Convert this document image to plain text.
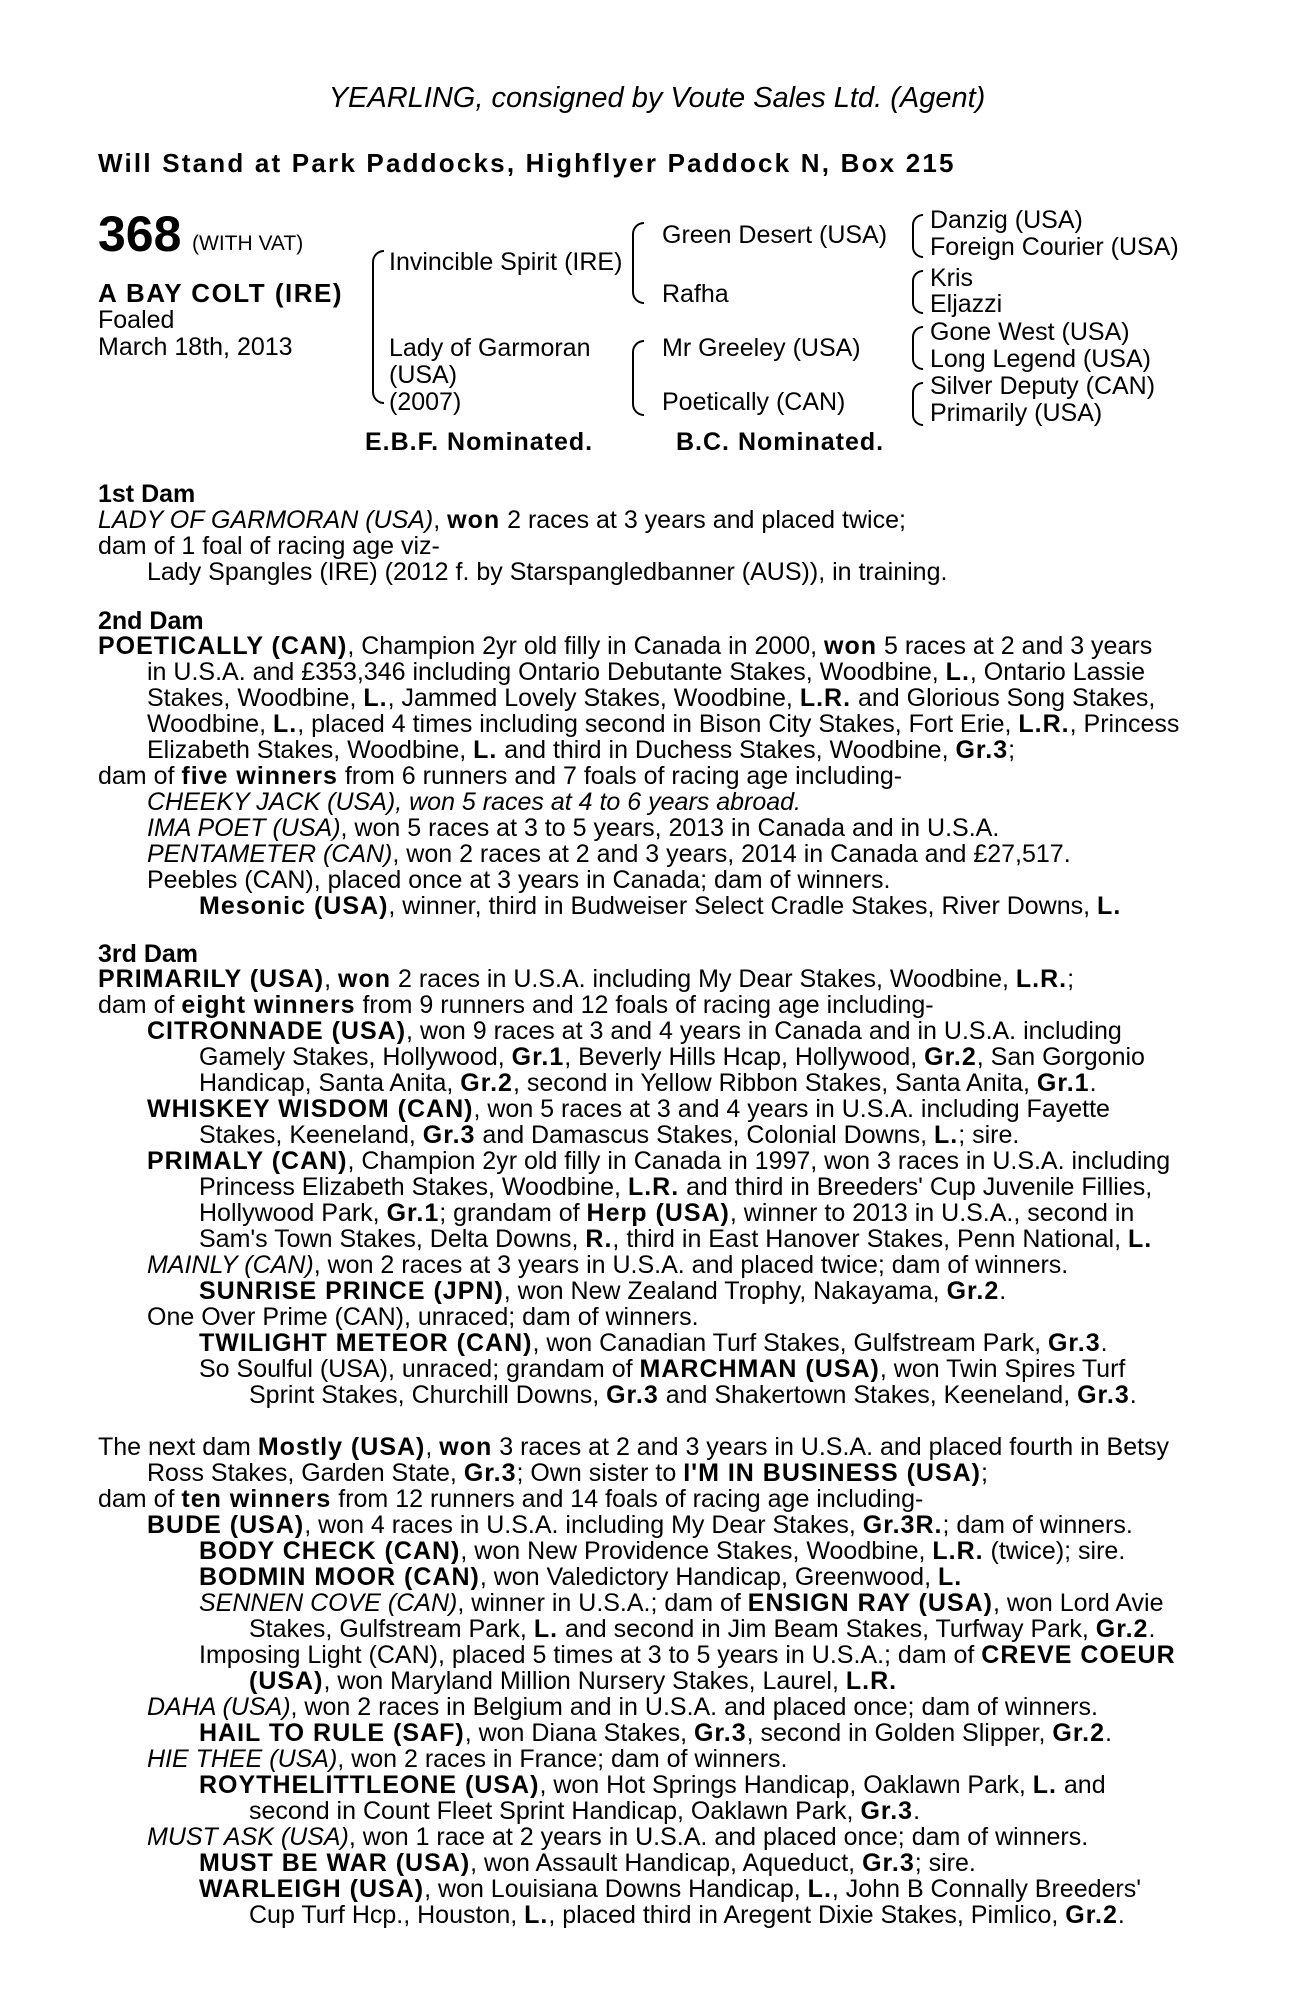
YEARLING, consigned by Voute Sales Ltd. (Agent)
Will Stand at Park Paddocks, Highflyer Paddock N, Box 215
368 (WITH VAT)
A BAY COLT (IRE)
Foaled
March 18th, 2013
Invincible Spirit (IRE)
Lady of Garmoran
(USA)
(2007)
Green Desert (USA)
Rafha
Mr Greeley (USA)
Poetically (CAN)
Danzig (USA)
Foreign Courier (USA)
Kris
Eljazzi
Gone West (USA)
Long Legend (USA)
Silver Deputy (CAN)
Primarily (USA)
E.B.F. Nominated.	B.C. Nominated.
1st Dam
2nd Dam
3rd Dam
LADY OF GARMORAN (USA), won 2 races at 3 years and placed twice;
dam of 1 foal of racing age viz-
Lady Spangles (IRE) (2012 f. by Starspangledbanner (AUS)), in training.
POETICALLY (CAN), Champion 2yr old filly in Canada in 2000, won 5 races at 2 and 3 years
in U.S.A. and £353,346 including Ontario Debutante Stakes, Woodbine, L., Ontario Lassie
Stakes, Woodbine, L., Jammed Lovely Stakes, Woodbine, L.R. and Glorious Song Stakes,
Woodbine, L., placed 4 times including second in Bison City Stakes, Fort Erie, L.R., Princess
Elizabeth Stakes, Woodbine, L. and third in Duchess Stakes, Woodbine, Gr.3;
dam of five winners from 6 runners and 7 foals of racing age including-
CHEEKY JACK (USA), won 5 races at 4 to 6 years abroad.
IMA POET (USA), won 5 races at 3 to 5 years, 2013 in Canada and in U.S.A.
PENTAMETER (CAN), won 2 races at 2 and 3 years, 2014 in Canada and £27,517.
Peebles (CAN), placed once at 3 years in Canada; dam of winners.
Mesonic (USA), winner, third in Budweiser Select Cradle Stakes, River Downs, L.
PRIMARILY (USA), won 2 races in U.S.A. including My Dear Stakes, Woodbine, L.R.;
dam of eight winners from 9 runners and 12 foals of racing age including-
CITRONNADE (USA), won 9 races at 3 and 4 years in Canada and in U.S.A. including
Gamely Stakes, Hollywood, Gr.1, Beverly Hills Hcap, Hollywood, Gr.2, San Gorgonio
Handicap, Santa Anita, Gr.2, second in Yellow Ribbon Stakes, Santa Anita, Gr.1.
WHISKEY WISDOM (CAN), won 5 races at 3 and 4 years in U.S.A. including Fayette
Stakes, Keeneland, Gr.3 and Damascus Stakes, Colonial Downs, L.; sire.
PRIMALY (CAN), Champion 2yr old filly in Canada in 1997, won 3 races in U.S.A. including
Princess Elizabeth Stakes, Woodbine, L.R. and third in Breeders' Cup Juvenile Fillies,
Hollywood Park, Gr.1; grandam of Herp (USA), winner to 2013 in U.S.A., second in
Sam's Town Stakes, Delta Downs, R., third in East Hanover Stakes, Penn National, L.
MAINLY (CAN), won 2 races at 3 years in U.S.A. and placed twice; dam of winners.
SUNRISE PRINCE (JPN), won New Zealand Trophy, Nakayama, Gr.2.
One Over Prime (CAN), unraced; dam of winners.
TWILIGHT METEOR (CAN), won Canadian Turf Stakes, Gulfstream Park, Gr.3.
So Soulful (USA), unraced; grandam of MARCHMAN (USA), won Twin Spires Turf
Sprint Stakes, Churchill Downs, Gr.3 and Shakertown Stakes, Keeneland, Gr.3.
The next dam Mostly (USA), won 3 races at 2 and 3 years in U.S.A. and placed fourth in Betsy
Ross Stakes, Garden State, Gr.3; Own sister to I'M IN BUSINESS (USA);
dam of ten winners from 12 runners and 14 foals of racing age including-
BUDE (USA), won 4 races in U.S.A. including My Dear Stakes, Gr.3R.; dam of winners.
BODY CHECK (CAN), won New Providence Stakes, Woodbine, L.R. (twice); sire.
BODMIN MOOR (CAN), won Valedictory Handicap, Greenwood, L.
SENNEN COVE (CAN), winner in U.S.A.; dam of ENSIGN RAY (USA), won Lord Avie
Stakes, Gulfstream Park, L. and second in Jim Beam Stakes, Turfway Park, Gr.2.
Imposing Light (CAN), placed 5 times at 3 to 5 years in U.S.A.; dam of CREVE COEUR
(USA), won Maryland Million Nursery Stakes, Laurel, L.R.
DAHA (USA), won 2 races in Belgium and in U.S.A. and placed once; dam of winners.
HAIL TO RULE (SAF), won Diana Stakes, Gr.3, second in Golden Slipper, Gr.2.
HIE THEE (USA), won 2 races in France; dam of winners.
ROYTHELITTLEONE (USA), won Hot Springs Handicap, Oaklawn Park, L. and
second in Count Fleet Sprint Handicap, Oaklawn Park, Gr.3.
MUST ASK (USA), won 1 race at 2 years in U.S.A. and placed once; dam of winners.
MUST BE WAR (USA), won Assault Handicap, Aqueduct, Gr.3; sire.
WARLEIGH (USA), won Louisiana Downs Handicap, L., John B Connally Breeders'
Cup Turf Hcp., Houston, L., placed third in Aregent Dixie Stakes, Pimlico, Gr.2.
